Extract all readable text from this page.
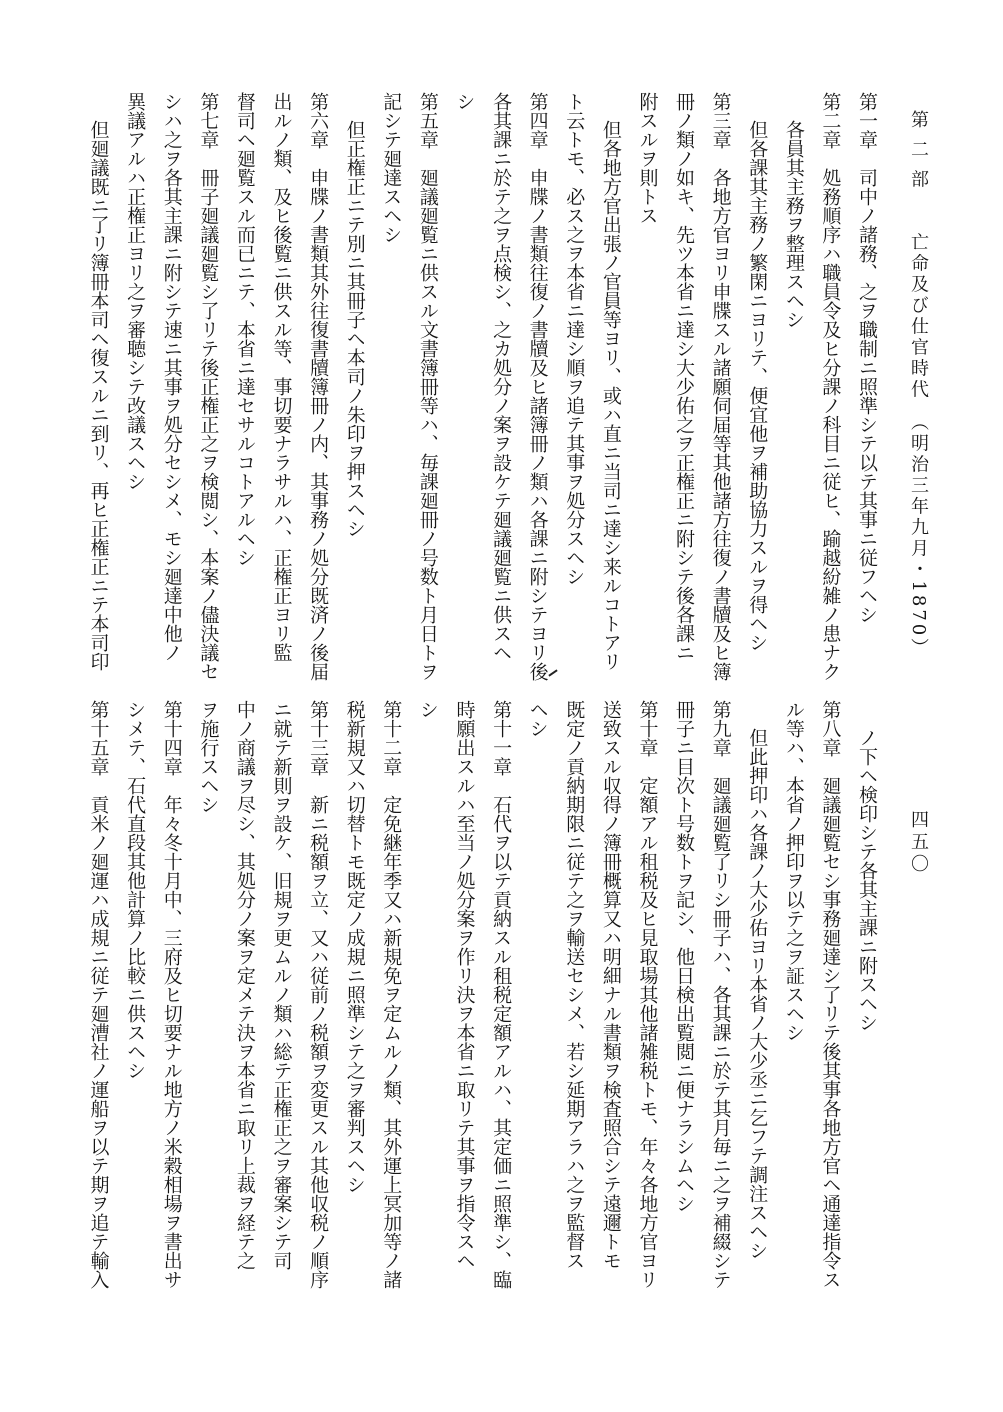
第 二 部　　亡命及び仕官時代　（明治三年九月・1870）
四五〇
第一章　司中ノ諸務、之ヲ職制ニ照準シテ以テ其事ニ従フヘシ
第二章　処務順序ハ職員令及ヒ分課ノ科目ニ従ヒ、踰越紛雑ノ患ナク
各員其主務ヲ整理スヘシ
但各課其主務ノ繁閑ニヨリテ、便宜他ヲ補助協力スルヲ得ヘシ
第三章　各地方官ヨリ申牒スル諸願伺届等其他諸方往復ノ書牘及ヒ簿
冊ノ類ノ如キ、先ツ本省ニ達シ大少佑之ヲ正権正ニ附シテ後各課ニ
附スルヲ則トス
但各地方官出張ノ官員等ヨリ、或ハ直ニ当司ニ達シ来ルコトアリ
ト云トモ、必ス之ヲ本省ニ達シ順ヲ追テ其事ヲ処分スヘシ
第四章　申牒ノ書類往復ノ書牘及ヒ諸簿冊ノ類ハ各課ニ附シテヨリ後
各其課ニ於テ之ヲ点検シ、之カ処分ノ案ヲ設ケテ廻議廻覧ニ供スヘ
シ
第五章　廻議廻覧ニ供スル文書簿冊等ハ、毎課廻冊ノ号数ト月日トヲ
記シテ廻達スヘシ
但正権正ニテ別ニ其冊子ヘ本司ノ朱印ヲ押スヘシ
第六章　申牒ノ書類其外往復書牘簿冊ノ内、其事務ノ処分既済ノ後届
出ルノ類、及ヒ後覧ニ供スル等、事切要ナラサルハ、正権正ヨリ監
督司ヘ廻覧スル而已ニテ、本省ニ達セサルコトアルヘシ
第七章　冊子廻議廻覧シ了リテ後正権正之ヲ検閲シ、本案ノ儘決議セ
シハ之ヲ各其主課ニ附シテ速ニ其事ヲ処分セシメ、モシ廻達中他ノ
異議アルハ正権正ヨリ之ヲ審聴シテ改議スヘシ
但廻議既ニ了リ簿冊本司ヘ復スルニ到リ、再ヒ正権正ニテ本司印
ノ下ヘ検印シテ各其主課ニ附スヘシ
第八章　廻議廻覧セシ事務廻達シ了リテ後其事各地方官ヘ通達指令ス
ル等ハ、本省ノ押印ヲ以テ之ヲ証スヘシ
但此押印ハ各課ノ大少佑ヨリ本省ノ大少丞ニ乞フテ調注スヘシ
第九章　廻議廻覧了リシ冊子ハ、各其課ニ於テ其月毎ニ之ヲ補綴シテ
冊子ニ目次ト号数トヲ記シ、他日検出覧閲ニ便ナラシムヘシ
第十章　定額アル租税及ヒ見取場其他諸雑税トモ、年々各地方官ヨリ
送致スル収得ノ簿冊概算又ハ明細ナル書類ヲ検査照合シテ遠邇トモ
既定ノ貢納期限ニ従テ之ヲ輸送セシメ、若シ延期アラハ之ヲ監督ス
ヘシ
第十一章　石代ヲ以テ貢納スル租税定額アルハ、其定価ニ照準シ、臨
時願出スルハ至当ノ処分案ヲ作リ決ヲ本省ニ取リテ其事ヲ指令スヘ
シ
第十二章　定免継年季又ハ新規免ヲ定ムルノ類、其外運上冥加等ノ諸
税新規又ハ切替トモ既定ノ成規ニ照準シテ之ヲ審判スヘシ
第十三章　新ニ税額ヲ立、又ハ従前ノ税額ヲ変更スル其他収税ノ順序
ニ就テ新則ヲ設ケ、旧規ヲ更ムルノ類ハ総テ正権正之ヲ審案シテ司
中ノ商議ヲ尽シ、其処分ノ案ヲ定メテ決ヲ本省ニ取リ上裁ヲ経テ之
ヲ施行スヘシ
第十四章　年々冬十月中、三府及ヒ切要ナル地方ノ米穀相場ヲ書出サ
シメテ、石代直段其他計算ノ比較ニ供スヘシ
第十五章　貢米ノ廻運ハ成規ニ従テ廻漕社ノ運船ヲ以テ期ヲ追テ輸入
